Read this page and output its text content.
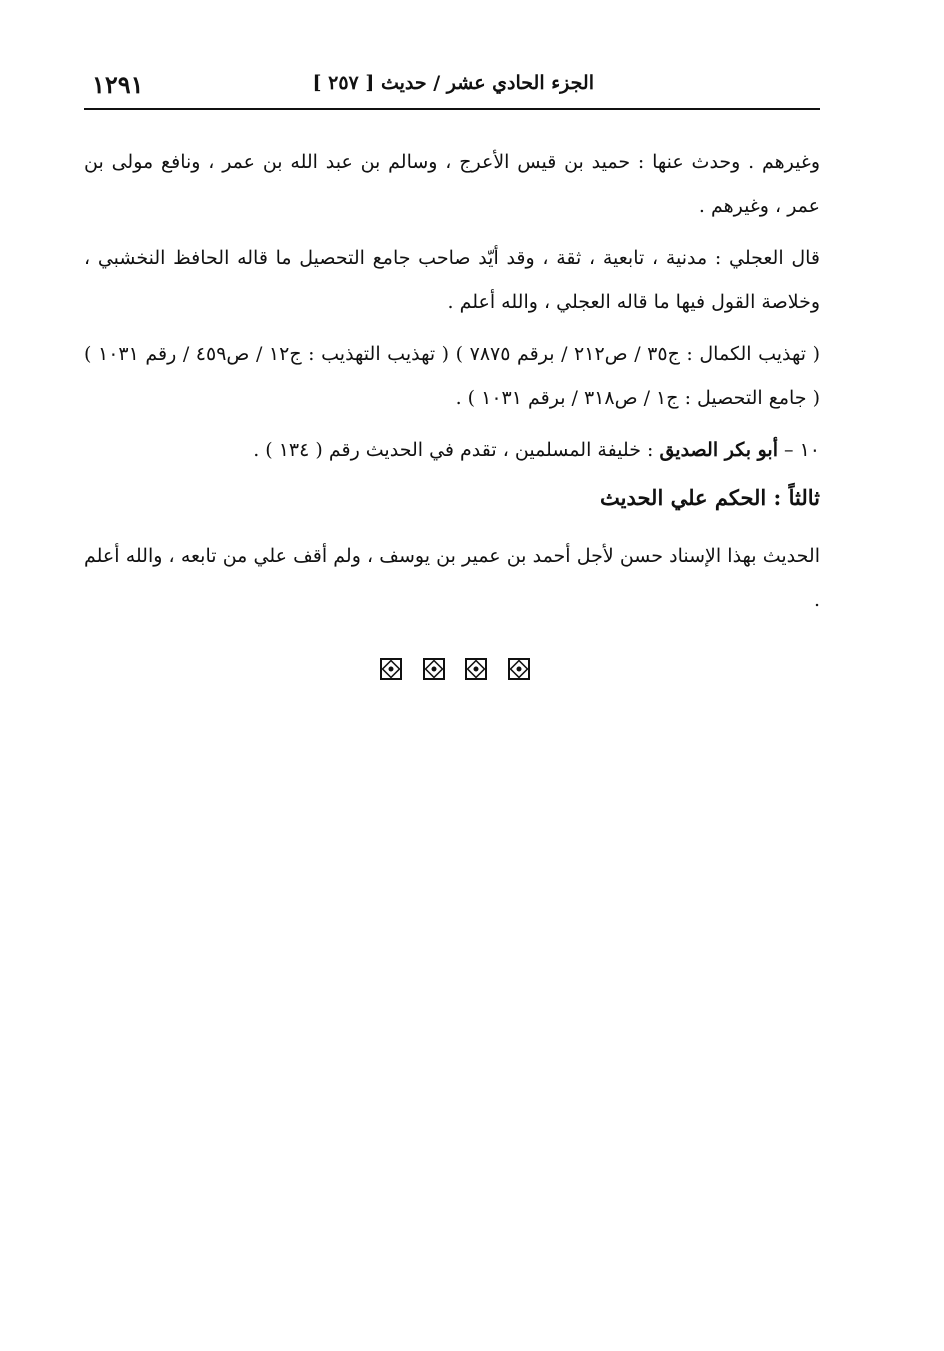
الجزء الحادي عشر / حديث [ ٢٥٧ ]
١٢٩١

وغيرهم . وحدث عنها : حميد بن قيس الأعرج ، وسالم بن عبد الله بن عمر ، ونافع مولى بن عمر ، وغيرهم .

قال العجلي : مدنية ، تابعية ، ثقة ، وقد أيّد صاحب جامع التحصيل ما قاله الحافظ النخشبي ، وخلاصة القول فيها ما قاله العجلي ، والله أعلم .

( تهذيب الكمال : ج٣٥ / ص٢١٢ / برقم ٧٨٧٥ ) ( تهذيب التهذيب : ج١٢ / ص٤٥٩ / رقم ١٠٣١ ) ( جامع التحصيل : ج١ / ص٣١٨ / برقم ١٠٣١ ) .

١٠ – أبو بكر الصديق : خليفة المسلمين ، تقدم في الحديث رقم ( ١٣٤ ) .

ثالثاً : الحكم علي الحديث

الحديث بهذا الإسناد حسن لأجل أحمد بن عمير بن يوسف ، ولم أقف علي من تابعه ، والله أعلم .
